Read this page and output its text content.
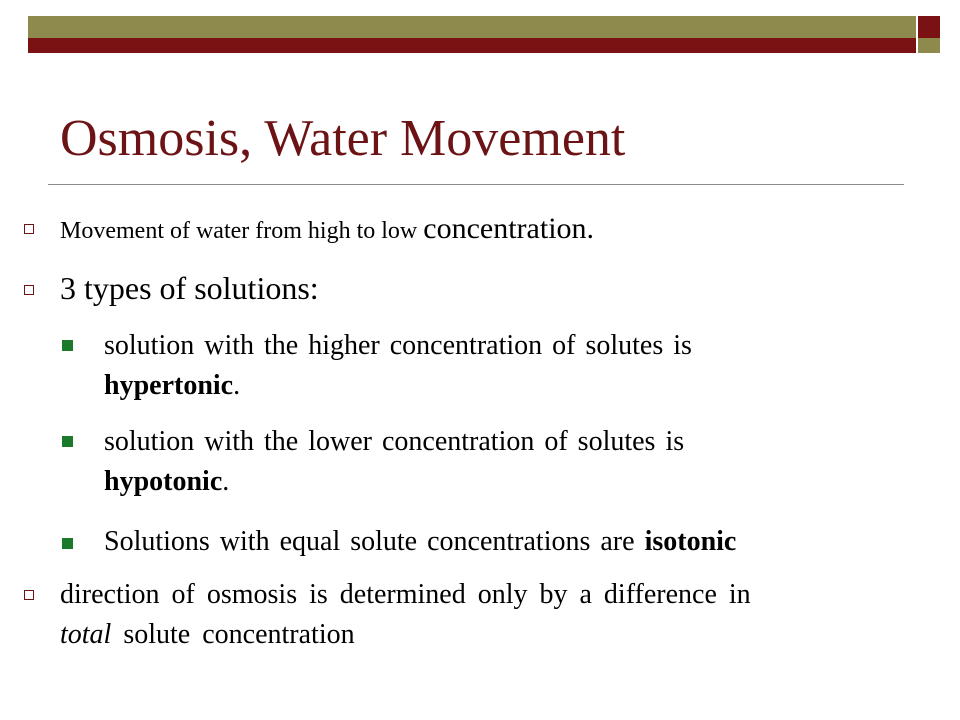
Osmosis, Water Movement
Movement of water from high to low concentration.
3 types of solutions:
solution with the higher concentration of solutes is
hypertonic.
solution with the lower concentration of solutes is
hypotonic.
Solutions with equal solute concentrations are isotonic
direction of osmosis is determined only by a difference in
total solute concentration
